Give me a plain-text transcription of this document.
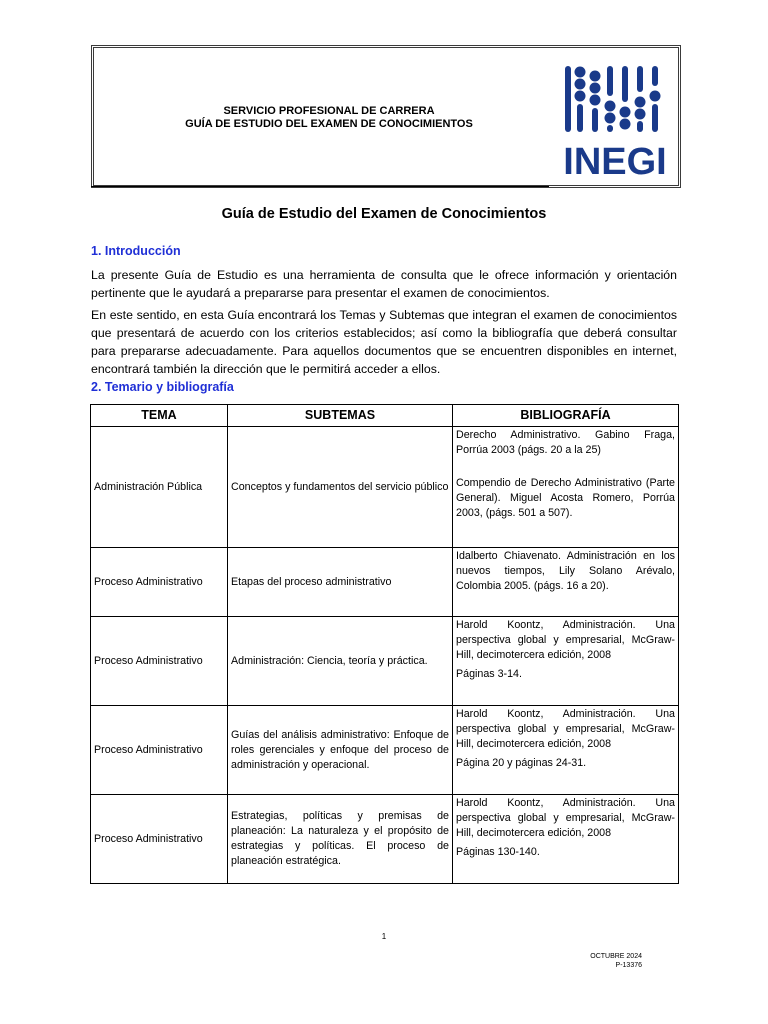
SERVICIO PROFESIONAL DE CARRERA
GUÍA DE ESTUDIO DEL EXAMEN DE CONOCIMIENTOS
INEGI
Guía de Estudio del Examen de Conocimientos
1. Introducción
La presente Guía de Estudio es una herramienta de consulta que le ofrece información y orientación pertinente que le ayudará a prepararse para presentar el examen de conocimientos.
En este sentido, en esta Guía encontrará los Temas y Subtemas que integran el examen de conocimientos que presentará de acuerdo con los criterios establecidos; así como la bibliografía que deberá consultar para prepararse adecuadamente. Para aquellos documentos que se encuentren disponibles en internet, encontrará también la dirección que le permitirá acceder a ellos.
2. Temario y bibliografía
TEMA	SUBTEMAS	BIBLIOGRAFÍA
Administración Pública	Conceptos y fundamentos del servicio público	Derecho Administrativo. Gabino Fraga, Porrúa 2003 (págs. 20 a la 25)

Compendio de Derecho Administrativo (Parte General). Miguel Acosta Romero, Porrúa 2003, (págs. 501 a 507).

Proceso Administrativo	Etapas del proceso administrativo	Idalberto Chiavenato. Administración en los nuevos tiempos, Lily Solano Arévalo, Colombia 2005. (págs. 16 a 20).

Proceso Administrativo	Administración: Ciencia, teoría y práctica.	Harold Koontz, Administración. Una perspectiva global y empresarial, McGraw-Hill, decimotercera edición, 2008

Páginas 3-14.

Proceso Administrativo	Guías del análisis administrativo: Enfoque de roles gerenciales y enfoque del proceso de administración y operacional.	Harold Koontz, Administración. Una perspectiva global y empresarial, McGraw-Hill, decimotercera edición, 2008

Página 20 y páginas 24-31.

Proceso Administrativo	Estrategias, políticas y premisas de planeación: La naturaleza y el propósito de estrategias y políticas. El proceso de planeación estratégica.	Harold Koontz, Administración. Una perspectiva global y empresarial, McGraw-Hill, decimotercera edición, 2008

Páginas 130-140.

1
OCTUBRE 2024
P-13376
